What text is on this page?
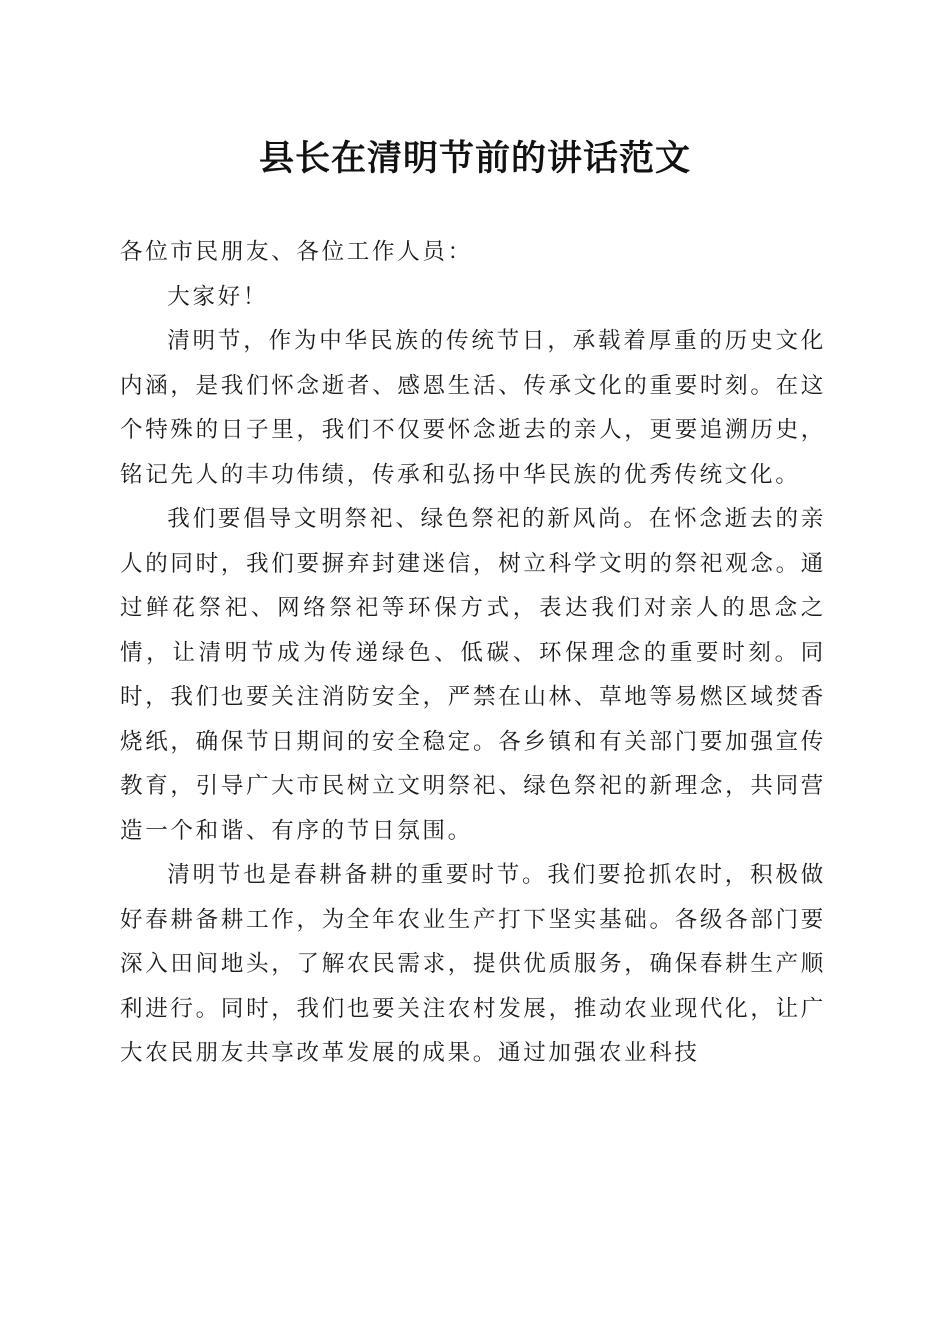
县长在清明节前的讲话范文

各位市民朋友、各位工作人员：

大家好！

清明节，作为中华民族的传统节日，承载着厚重的历史文化内涵，是我们怀念逝者、感恩生活、传承文化的重要时刻。在这个特殊的日子里，我们不仅要怀念逝去的亲人，更要追溯历史，铭记先人的丰功伟绩，传承和弘扬中华民族的优秀传统文化。

我们要倡导文明祭祀、绿色祭祀的新风尚。在怀念逝去的亲人的同时，我们要摒弃封建迷信，树立科学文明的祭祀观念。通过鲜花祭祀、网络祭祀等环保方式，表达我们对亲人的思念之情，让清明节成为传递绿色、低碳、环保理念的重要时刻。同时，我们也要关注消防安全，严禁在山林、草地等易燃区域焚香烧纸，确保节日期间的安全稳定。各乡镇和有关部门要加强宣传教育，引导广大市民树立文明祭祀、绿色祭祀的新理念，共同营造一个和谐、有序的节日氛围。

清明节也是春耕备耕的重要时节。我们要抢抓农时，积极做好春耕备耕工作，为全年农业生产打下坚实基础。各级各部门要深入田间地头，了解农民需求，提供优质服务，确保春耕生产顺利进行。同时，我们也要关注农村发展，推动农业现代化，让广大农民朋友共享改革发展的成果。通过加强农业科技
